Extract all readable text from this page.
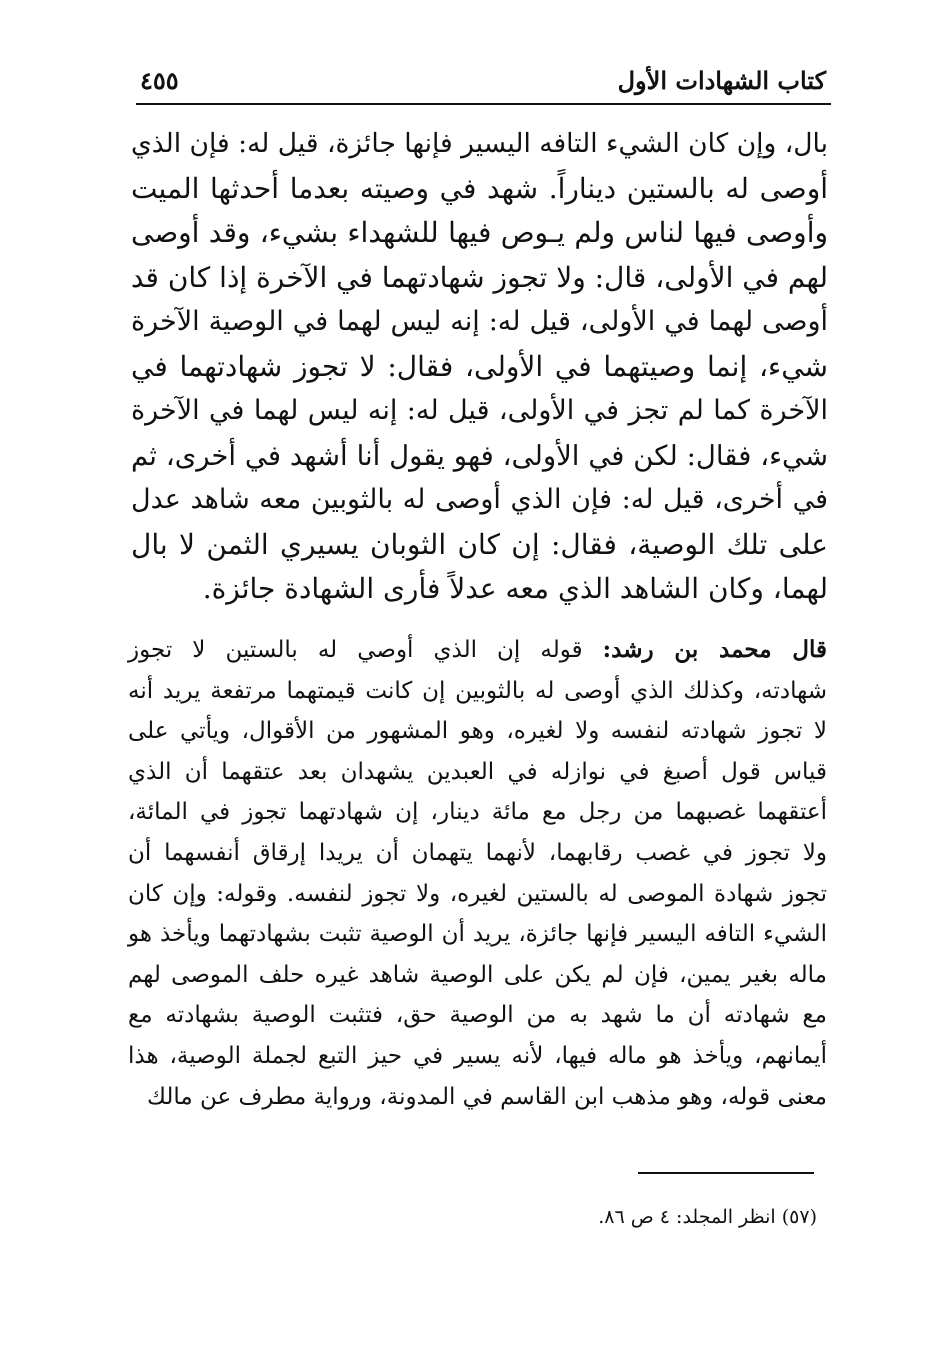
كتاب الشهادات الأول
٤٥٥
بال، وإن كان الشيء التافه اليسير فإنها جائزة، قيل له: فإن الذي
أوصى له بالستين ديناراً. شهد في وصيته بعدما أحدثها الميت
وأوصى فيها لناس ولم يـوص فيها للشهداء بشيء، وقد أوصى
لهم في الأولى، قال: ولا تجوز شهادتهما في الآخرة إذا كان قد
أوصى لهما في الأولى، قيل له: إنه ليس لهما في الوصية الآخرة
شيء، إنما وصيتهما في الأولى، فقال: لا تجوز شهادتهما في
الآخرة كما لم تجز في الأولى، قيل له: إنه ليس لهما في الآخرة
شيء، فقال: لكن في الأولى، فهو يقول أنا أشهد في أخرى، ثم
في أخرى، قيل له: فإن الذي أوصى له بالثوبين معه شاهد عدل
على تلك الوصية، فقال: إن كان الثوبان يسيري الثمن لا بال
لهما، وكان الشاهد الذي معه عدلاً فأرى الشهادة جائزة.
قال محمد بن رشد: قوله إن الذي أوصي له بالستين لا تجوز
شهادته، وكذلك الذي أوصى له بالثوبين إن كانت قيمتهما مرتفعة يريد أنه
لا تجوز شهادته لنفسه ولا لغيره، وهو المشهور من الأقوال، ويأتي على
قياس قول أصبغ في نوازله في العبدين يشهدان بعد عتقهما أن الذي
أعتقهما غصبهما من رجل مع مائة دينار، إن شهادتهما تجوز في المائة،
ولا تجوز في غصب رقابهما، لأنهما يتهمان أن يريدا إرقاق أنفسهما أن
تجوز شهادة الموصى له بالستين لغيره، ولا تجوز لنفسه. وقوله: وإن كان
الشيء التافه اليسير فإنها جائزة، يريد أن الوصية تثبت بشهادتهما ويأخذ هو
ماله بغير يمين، فإن لم يكن على الوصية شاهد غيره حلف الموصى لهم
مع شهادته أن ما شهد به من الوصية حق، فتثبت الوصية بشهادته مع
أيمانهم، ويأخذ هو ماله فيها، لأنه يسير في حيز التبع لجملة الوصية، هذا
معنى قوله، وهو مذهب ابن القاسم في المدونة، ورواية مطرف عن مالك
(٥٧) انظر المجلد: ٤ ص ٨٦.
